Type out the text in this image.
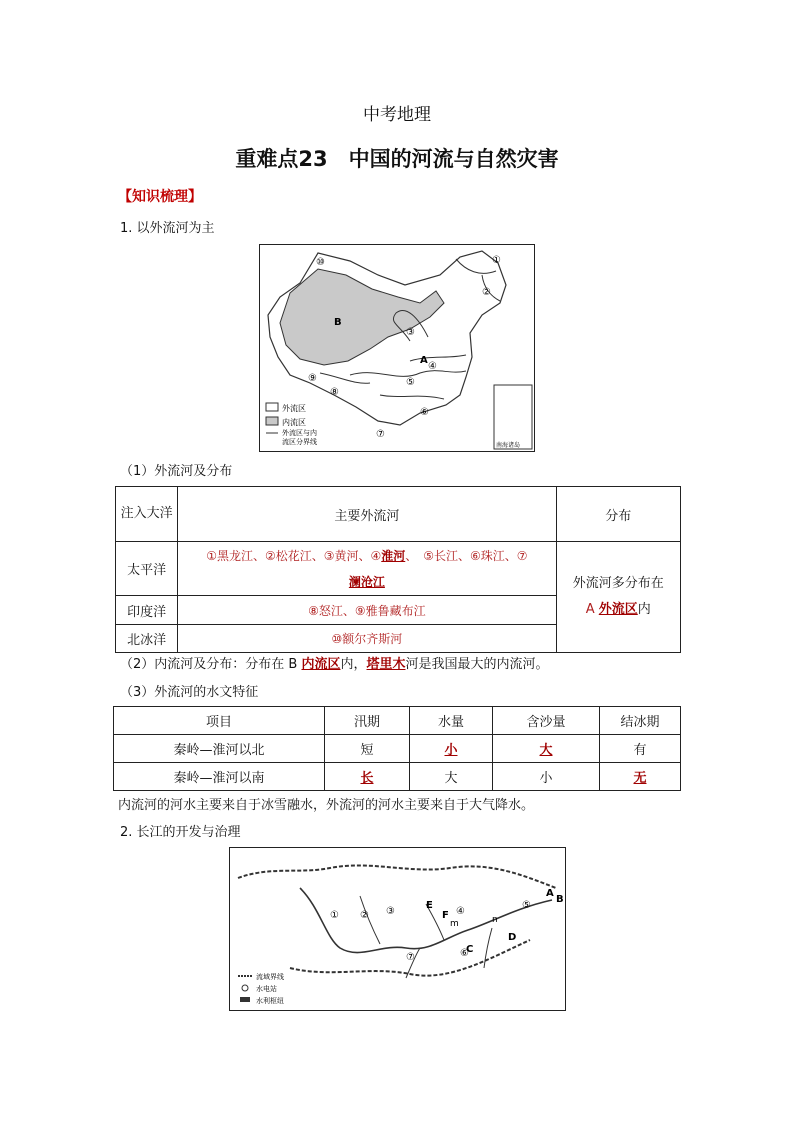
中考地理
重难点23　中国的河流与自然灾害
【知识梳理】
1. 以外流河为主
⑩	①
②
③
④
⑤
⑥
⑦
⑨
⑧
B
A
外流区
内流区
外流区与内
流区分界线	南海诸岛
（1）外流河及分布
注入大洋	主要外流河	分布
太平洋	①黑龙江、②松花江、③黄河、④淮河、　⑤长江、⑥珠江、⑦
澜沧江	外流河多分布在
A 外流区内
印度洋	⑧怒江、⑨雅鲁藏布江	
北冰洋	⑩额尔齐斯河	
（2）内流河及分布：分布在 B 内流区内，塔里木河是我国最大的内流河。
（3）外流河的水文特征
项目	汛期	水量	含沙量	结冰期
秦岭—淮河以北	短	小	大	有
秦岭—淮河以南	长	大	小	无
内流河的河水主要来自于冰雪融水，外流河的河水主要来自于大气降水。
2. 长江的开发与治理
① ② ③	④
⑤
⑥
⑦
E
F
C
D
B
A
m	n
流域界线
水电站
水利枢纽
